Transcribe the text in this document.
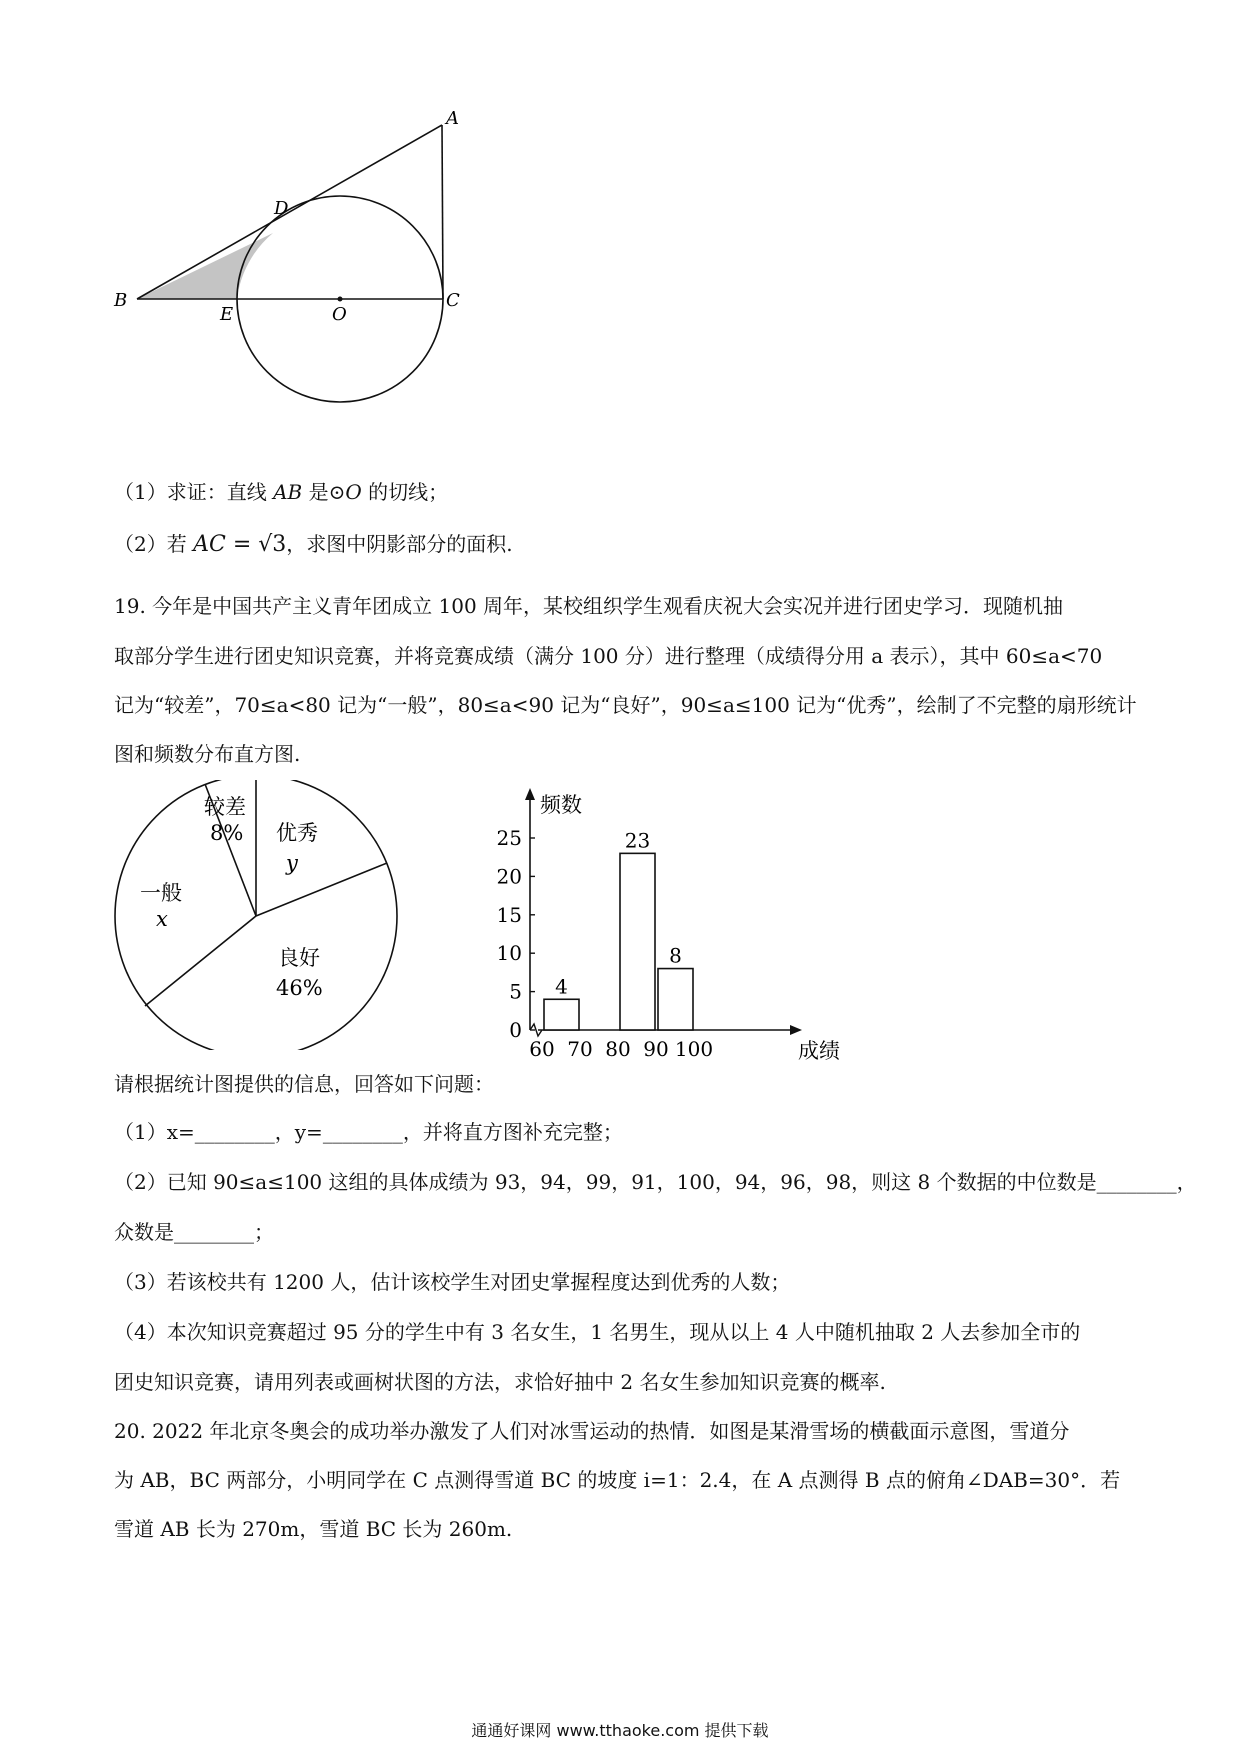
A
B	C
D
E	O
（1）求证：直线 AB 是⊙O 的切线；
（2）若 AC = √3，求图中阴影部分的面积.
19. 今年是中国共产主义青年团成立 100 周年，某校组织学生观看庆祝大会实况并进行团史学习．现随机抽
取部分学生进行团史知识竞赛，并将竞赛成绩（满分 100 分）进行整理（成绩得分用 a 表示），其中 60≤a<70
记为“较差”，70≤a<80 记为“一般”，80≤a<90 记为“良好”，90≤a≤100 记为“优秀”，绘制了不完整的扇形统计
图和频数分布直方图.
较差
8% 优秀
y
良好
46%
一般
x
频数
成绩
0
5
10
15
20
25
60 70 80 90 100
4
23
8
请根据统计图提供的信息，回答如下问题：
（1）x=________，y=________，并将直方图补充完整；
（2）已知 90≤a≤100 这组的具体成绩为 93，94，99，91，100，94，96，98，则这 8 个数据的中位数是________，
众数是________；
（3）若该校共有 1200 人，估计该校学生对团史掌握程度达到优秀的人数；
（4）本次知识竞赛超过 95 分的学生中有 3 名女生，1 名男生，现从以上 4 人中随机抽取 2 人去参加全市的
团史知识竞赛，请用列表或画树状图的方法，求恰好抽中 2 名女生参加知识竞赛的概率.
20. 2022 年北京冬奥会的成功举办激发了人们对冰雪运动的热情．如图是某滑雪场的横截面示意图，雪道分
为 AB，BC 两部分，小明同学在 C 点测得雪道 BC 的坡度 i=1：2.4，在 A 点测得 B 点的俯角∠DAB=30°．若
雪道 AB 长为 270m，雪道 BC 长为 260m.
通通好课网 www.tthaoke.com 提供下载
